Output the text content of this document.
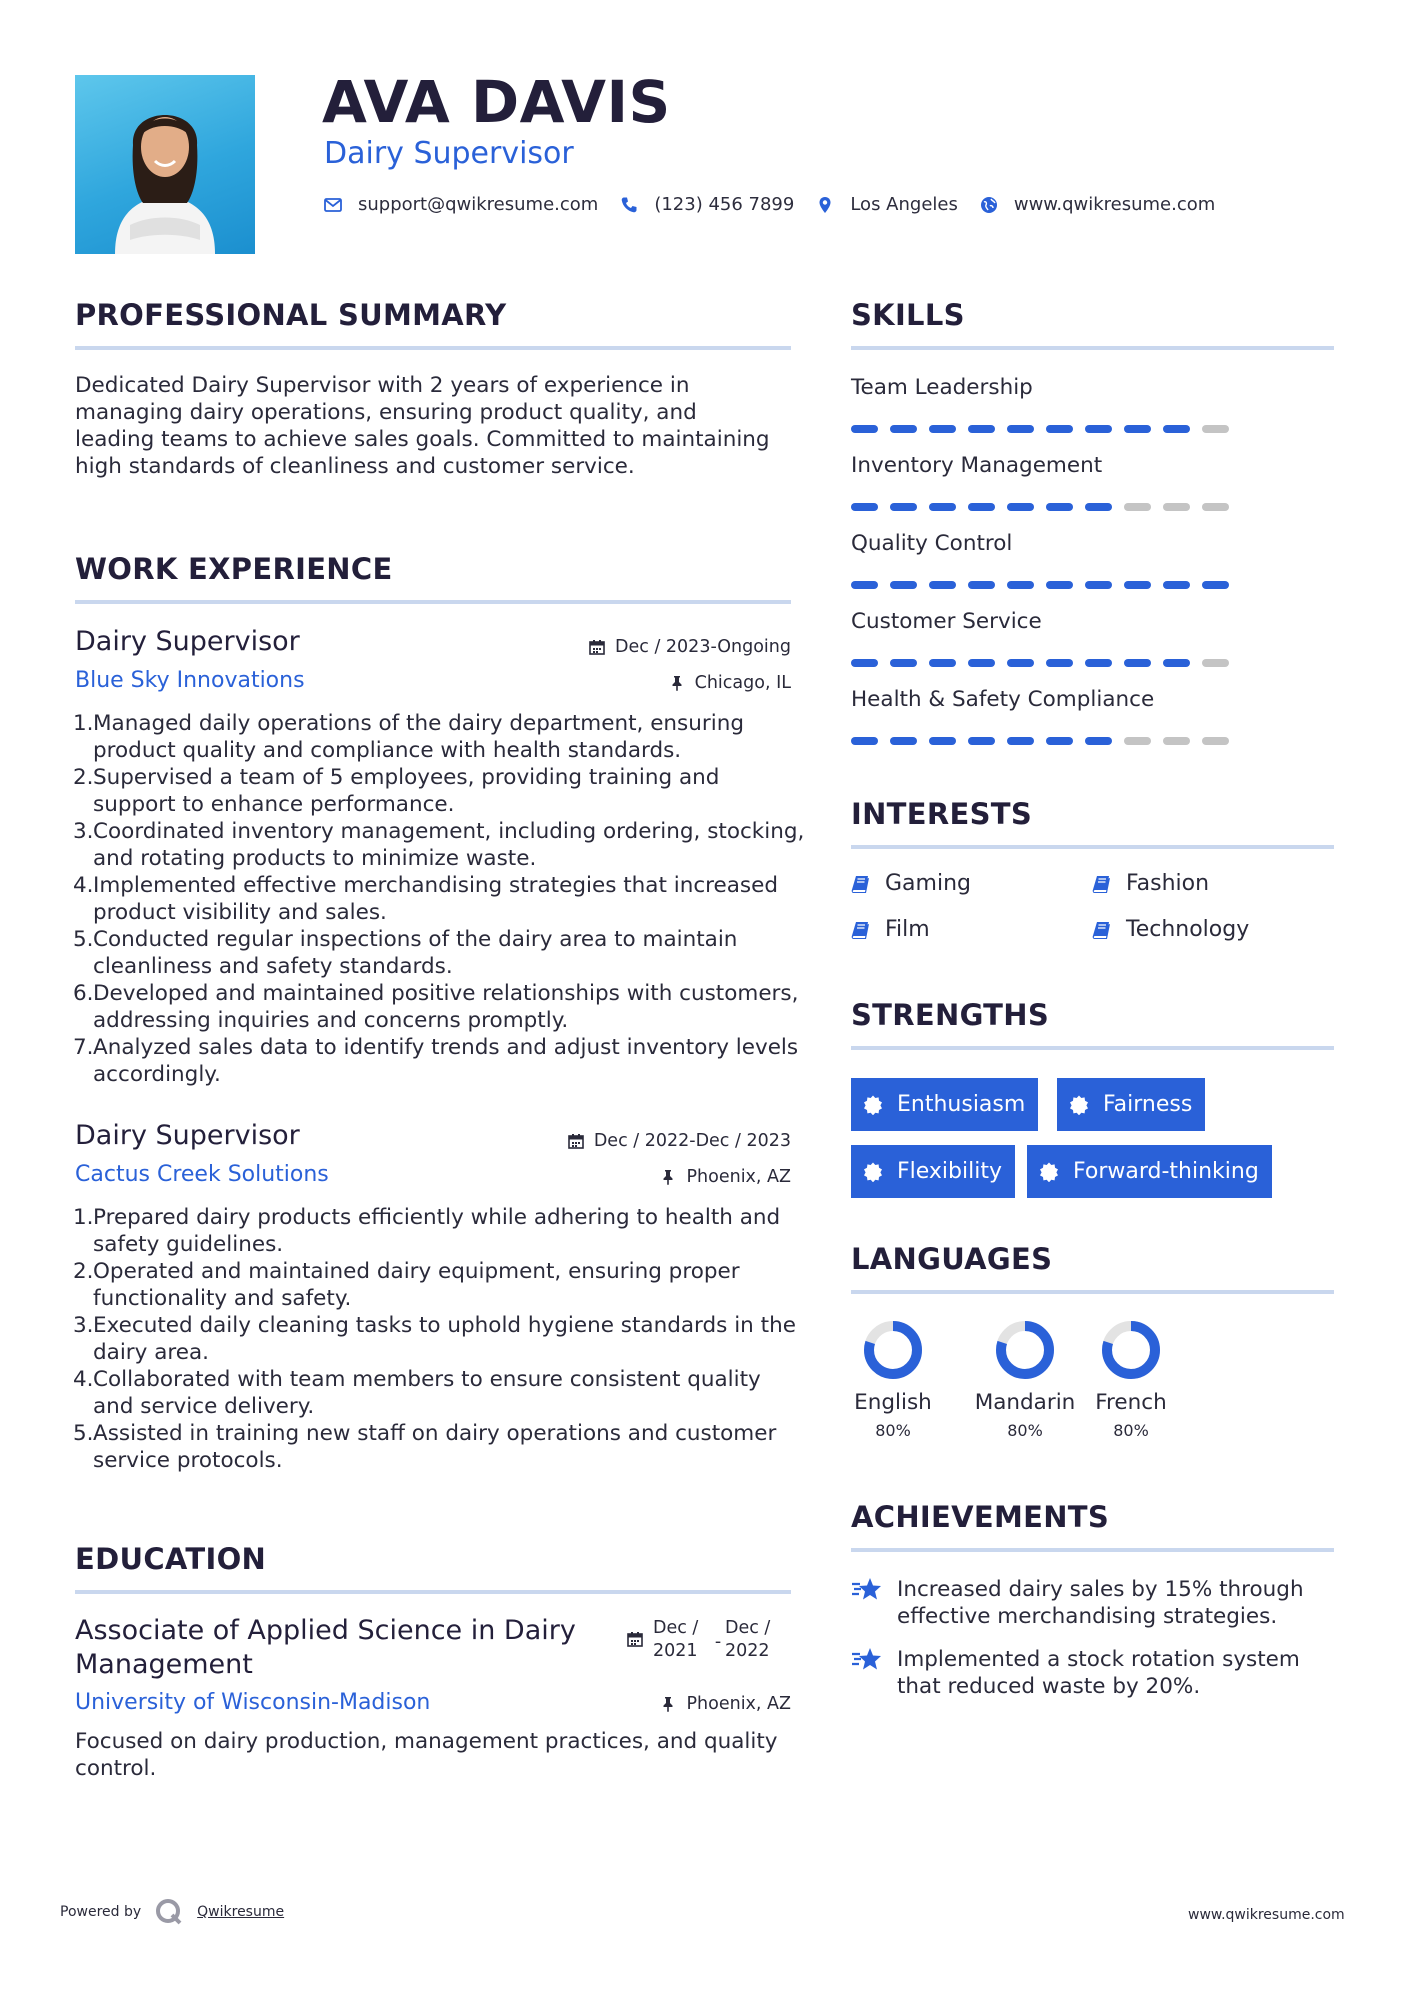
AVA DAVIS
Dairy Supervisor
support@qwikresume.com	(123) 456 7899	Los Angeles	www.qwikresume.com
PROFESSIONAL SUMMARY
Dedicated Dairy Supervisor with 2 years of experience in managing dairy operations, ensuring product quality, and leading teams to achieve sales goals. Committed to maintaining high standards of cleanliness and customer service.
WORK EXPERIENCE
Dairy Supervisor	Dec / 2023-Ongoing
Blue Sky Innovations	Chicago, IL
1. Managed daily operations of the dairy department, ensuring product quality and compliance with health standards.
2. Supervised a team of 5 employees, providing training and support to enhance performance.
3. Coordinated inventory management, including ordering, stocking, and rotating products to minimize waste.
4. Implemented effective merchandising strategies that increased product visibility and sales.
5. Conducted regular inspections of the dairy area to maintain cleanliness and safety standards.
6. Developed and maintained positive relationships with customers, addressing inquiries and concerns promptly.
7. Analyzed sales data to identify trends and adjust inventory levels accordingly.
Dairy Supervisor	Dec / 2022-Dec / 2023
Cactus Creek Solutions	Phoenix, AZ
1. Prepared dairy products efficiently while adhering to health and safety guidelines.
2. Operated and maintained dairy equipment, ensuring proper functionality and safety.
3. Executed daily cleaning tasks to uphold hygiene standards in the dairy area.
4. Collaborated with team members to ensure consistent quality and service delivery.
5. Assisted in training new staff on dairy operations and customer service protocols.
EDUCATION
Associate of Applied Science in Dairy Management
Dec /
2021 -
Dec /
2022
University of Wisconsin-Madison	Phoenix, AZ
Focused on dairy production, management practices, and quality control.
SKILLS
Team Leadership
Inventory Management
Quality Control
Customer Service
Health & Safety Compliance
INTERESTS
Gaming	Fashion
Film	Technology
STRENGTHS
Enthusiasm	Fairness
Flexibility	Forward-thinking
LANGUAGES
English
80%
Mandarin
80%
French
80%
ACHIEVEMENTS
Increased dairy sales by 15% through effective merchandising strategies.
Implemented a stock rotation system that reduced waste by 20%.
Powered by	Qwikresume	www.qwikresume.com
